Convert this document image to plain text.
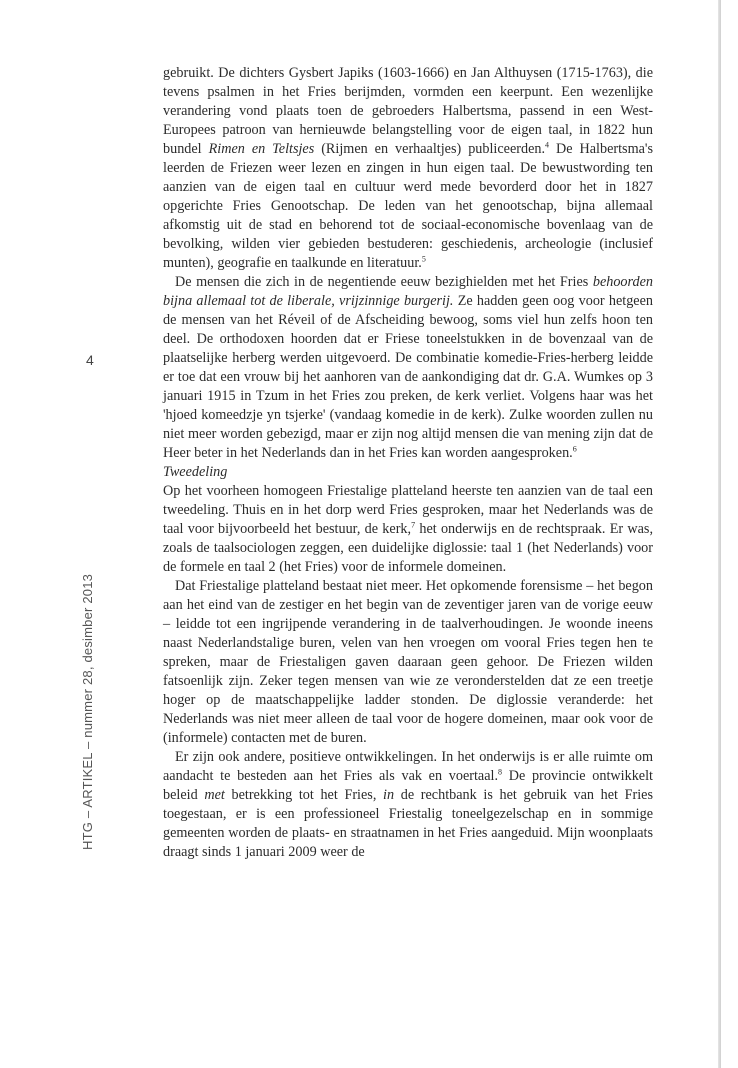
4
HTG – ARTIKEL – nummer 28, desimber 2013

gebruikt. De dichters Gysbert Japiks (1603-1666) en Jan Althuysen (1715-1763), die tevens psalmen in het Fries berijmden, vormden een keerpunt. Een wezenlijke verandering vond plaats toen de gebroeders Halbertsma, passend in een West-Europees patroon van hernieuwde belangstelling voor de eigen taal, in 1822 hun bundel Rimen en Teltsjes (Rijmen en verhaaltjes) publiceerden.$^4$ De Halbertsma's leerden de Friezen weer lezen en zingen in hun eigen taal. De bewustwording ten aanzien van de eigen taal en cultuur werd mede bevorderd door het in 1827 opgerichte Fries Genootschap. De leden van het genootschap, bijna allemaal afkomstig uit de stad en behorend tot de sociaal-economische bovenlaag van de bevolking, wilden vier gebieden bestuderen: geschiedenis, archeologie (inclusief munten), geografie en taalkunde en literatuur.$^5$

De mensen die zich in de negentiende eeuw bezighielden met het Fries behoorden bijna allemaal tot de liberale, vrijzinnige burgerij. Ze hadden geen oog voor hetgeen de mensen van het Réveil of de Afscheiding bewoog, soms viel hun zelfs hoon ten deel. De orthodoxen hoorden dat er Friese toneelstukken in de bovenzaal van de plaatselijke herberg werden uitgevoerd. De combinatie komedie-Fries-herberg leidde er toe dat een vrouw bij het aanhoren van de aankondiging dat dr. G.A. Wumkes op 3 januari 1915 in Tzum in het Fries zou preken, de kerk verliet. Volgens haar was het 'hjoed komeedzje yn tsjerke' (vandaag komedie in de kerk). Zulke woorden zullen nu niet meer worden gebezigd, maar er zijn nog altijd mensen die van mening zijn dat de Heer beter in het Nederlands dan in het Fries kan worden aangesproken.$^6$

Tweedeling

Op het voorheen homogeen Friestalige platteland heerste ten aanzien van de taal een tweedeling. Thuis en in het dorp werd Fries gesproken, maar het Nederlands was de taal voor bijvoorbeeld het bestuur, de kerk,$^7$ het onderwijs en de rechtspraak. Er was, zoals de taalsociologen zeggen, een duidelijke diglossie: taal 1 (het Nederlands) voor de formele en taal 2 (het Fries) voor de informele domeinen.

Dat Friestalige platteland bestaat niet meer. Het opkomende forensisme – het begon aan het eind van de zestiger en het begin van de zeventiger jaren van de vorige eeuw – leidde tot een ingrijpende verandering in de taalverhoudingen. Je woonde ineens naast Nederlandstalige buren, velen van hen vroegen om vooral Fries tegen hen te spreken, maar de Friestaligen gaven daaraan geen gehoor. De Friezen wilden fatsoenlijk zijn. Zeker tegen mensen van wie ze veronderstelden dat ze een treetje hoger op de maatschappelijke ladder stonden. De diglossie veranderde: het Nederlands was niet meer alleen de taal voor de hogere domeinen, maar ook voor de (informele) contacten met de buren.

Er zijn ook andere, positieve ontwikkelingen. In het onderwijs is er alle ruimte om aandacht te besteden aan het Fries als vak en voertaal.$^8$ De provincie ontwikkelt beleid met betrekking tot het Fries, in de rechtbank is het gebruik van het Fries toegestaan, er is een professioneel Friestalig toneelgezelschap en in sommige gemeenten worden de plaats- en straatnamen in het Fries aangeduid. Mijn woonplaats draagt sinds 1 januari 2009 weer de
